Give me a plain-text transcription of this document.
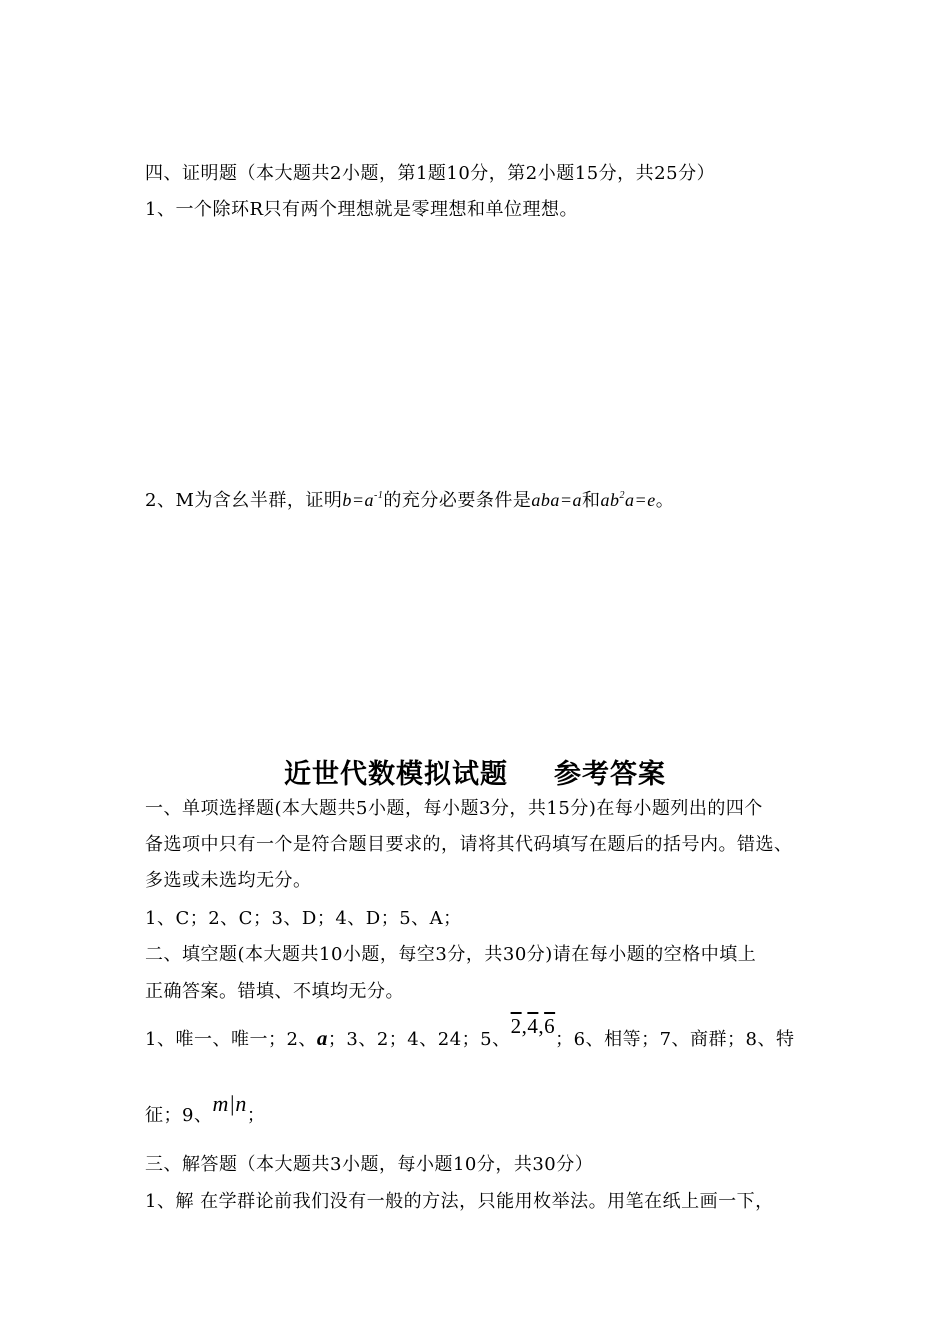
四、证明题（本大题共2小题，第1题10分，第2小题15分，共25分）
1、一个除环R只有两个理想就是零理想和单位理想。
2、M为含幺半群，证明$b=a^{-1}$的充分必要条件是aba=a和$ab^2a=e$。
近世代数模拟试题 参考答案
一、单项选择题(本大题共5小题，每小题3分，共15分)在每小题列出的四个
备选项中只有一个是符合题目要求的，请将其代码填写在题后的括号内。错选、
多选或未选均无分。
1、C；2、C；3、D；4、D；5、A；
二、填空题(本大题共10小题，每空3分，共30分)请在每小题的空格中填上
正确答案。错填、不填均无分。
1、唯一、唯一；2、a；3、2；4、24；5、2,4,6；6、相等；7、商群；8、特
征；9、m|n；
三、解答题（本大题共3小题，每小题10分，共30分）
1、解 在学群论前我们没有一般的方法，只能用枚举法。用笔在纸上画一下，
